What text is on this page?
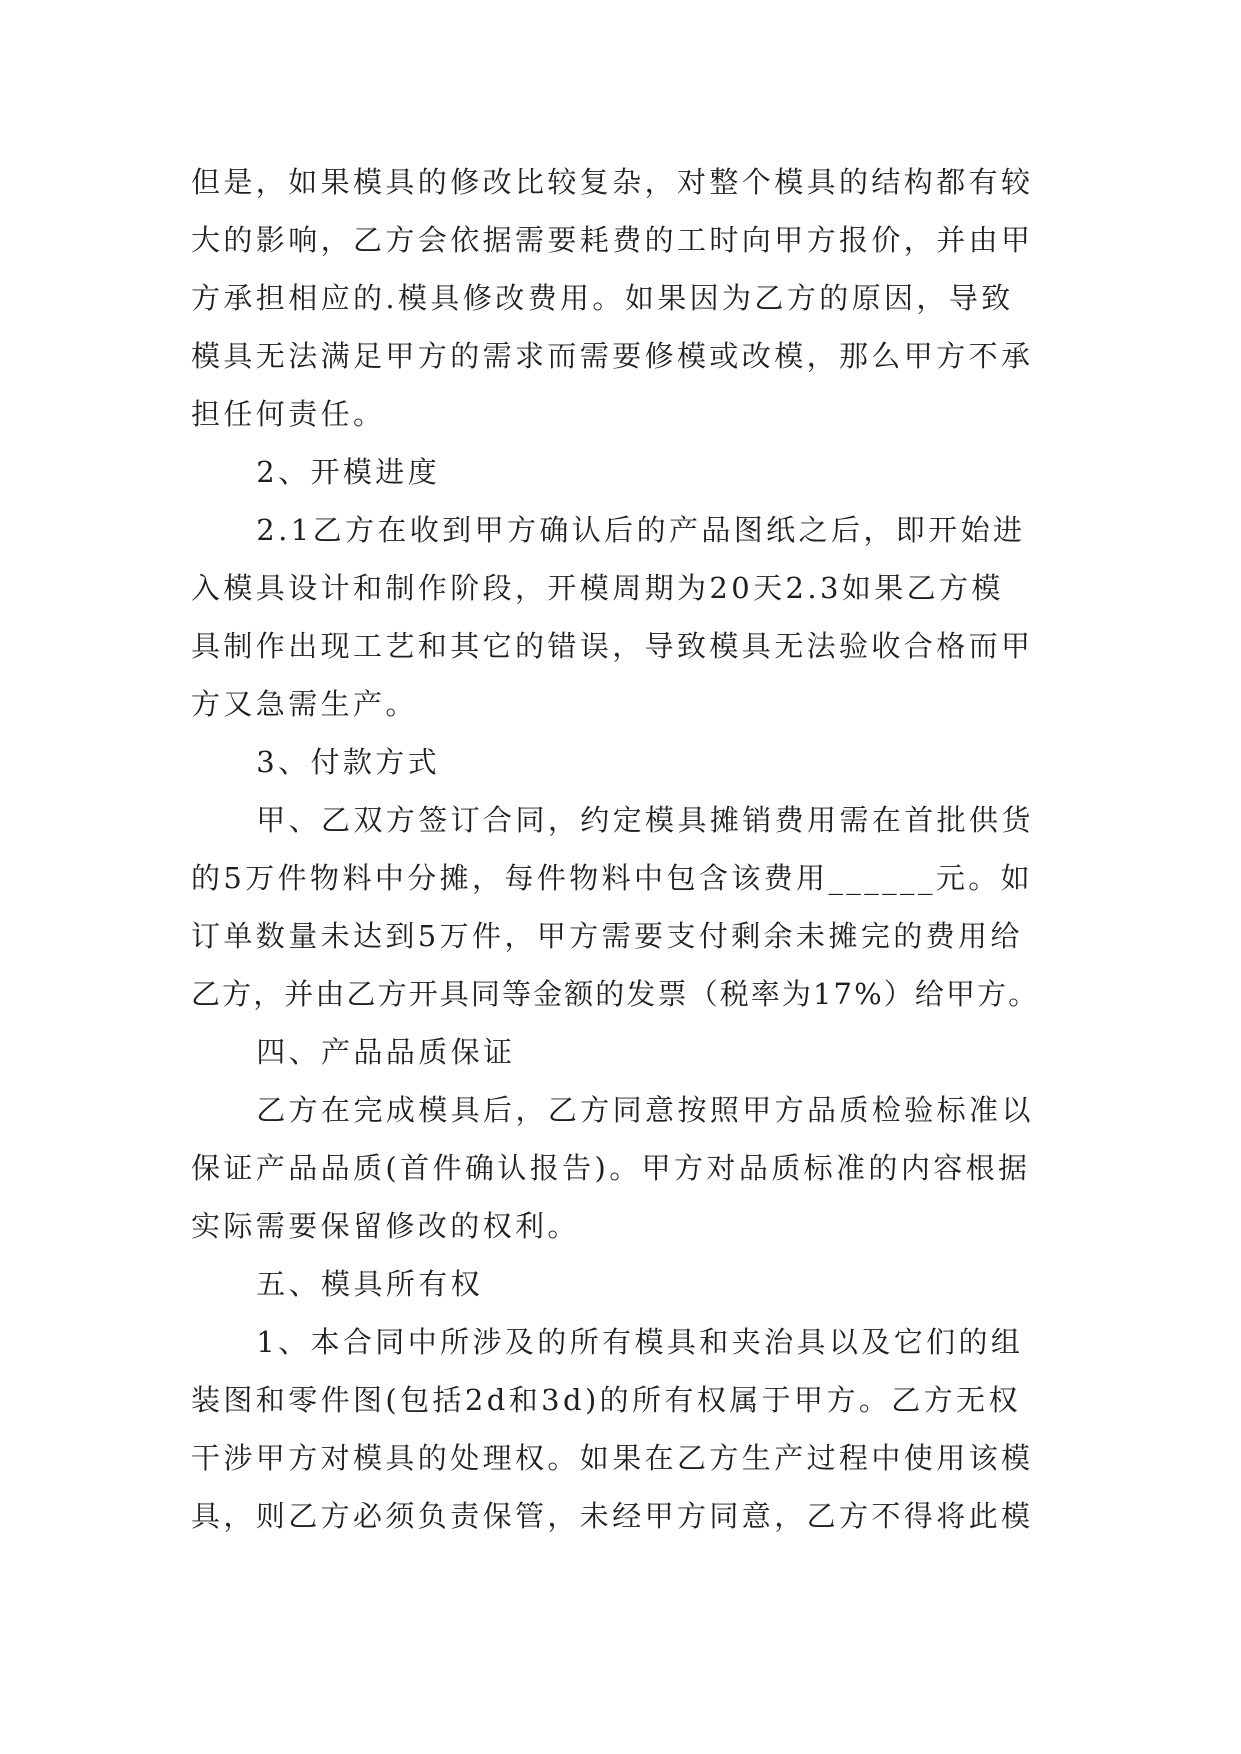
但是，如果模具的修改比较复杂，对整个模具的结构都有较
大的影响，乙方会依据需要耗费的工时向甲方报价，并由甲
方承担相应的.模具修改费用。如果因为乙方的原因，导致
模具无法满足甲方的需求而需要修模或改模，那么甲方不承
担任何责任。

2、开模进度

2.1乙方在收到甲方确认后的产品图纸之后，即开始进
入模具设计和制作阶段，开模周期为20天2.3如果乙方模
具制作出现工艺和其它的错误，导致模具无法验收合格而甲
方又急需生产。

3、付款方式

甲、乙双方签订合同，约定模具摊销费用需在首批供货
的5万件物料中分摊，每件物料中包含该费用______元。如
订单数量未达到5万件，甲方需要支付剩余未摊完的费用给
乙方，并由乙方开具同等金额的发票（税率为17%）给甲方。

四、产品品质保证

乙方在完成模具后，乙方同意按照甲方品质检验标准以
保证产品品质(首件确认报告)。甲方对品质标准的内容根据
实际需要保留修改的权利。

五、模具所有权

1、本合同中所涉及的所有模具和夹治具以及它们的组
装图和零件图(包括2d和3d)的所有权属于甲方。乙方无权
干涉甲方对模具的处理权。如果在乙方生产过程中使用该模
具，则乙方必须负责保管，未经甲方同意，乙方不得将此模
